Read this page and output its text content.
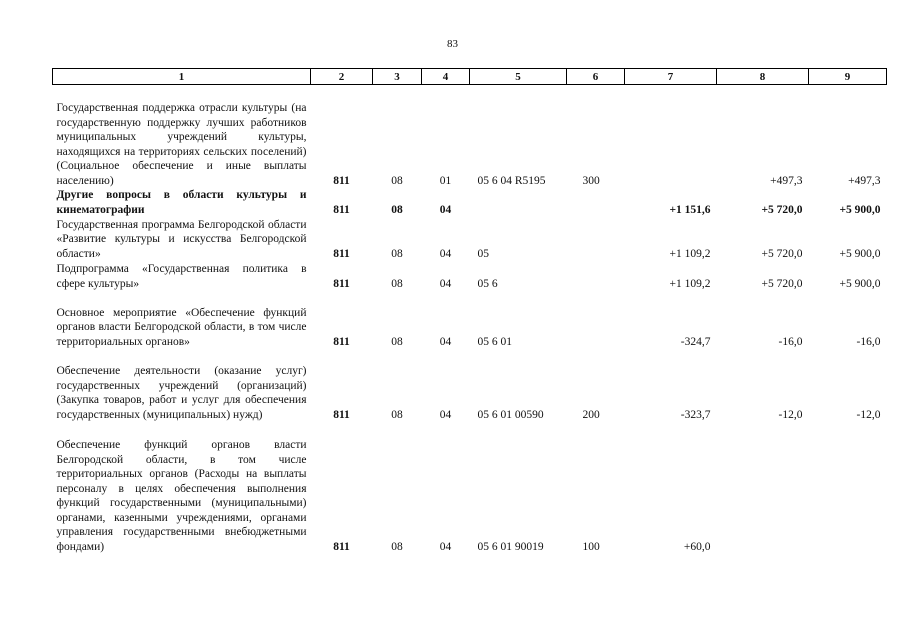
83
1	2	3	4	5	6	7	8	9
Государственная поддержка отрасли культуры (на государственную поддержку лучших работников муниципальных учреждений культуры, находящихся на территориях сельских поселений) (Социальное обеспечение и иные выплаты населению)	811	08	01	05 6 04 R5195	300		+497,3	+497,3
Другие вопросы в области культуры и кинематографии	811	08	04			+1 151,6	+5 720,0	+5 900,0
Государственная программа Белгородской области «Развитие культуры и искусства Белгородской области»	811	08	04	05		+1 109,2	+5 720,0	+5 900,0
Подпрограмма «Государственная политика в сфере культуры»	811	08	04	05 6		+1 109,2	+5 720,0	+5 900,0
Основное мероприятие «Обеспечение функций органов власти Белгородской области, в том числе территориальных органов»	811	08	04	05 6 01		-324,7	-16,0	-16,0
Обеспечение деятельности (оказание услуг) государственных учреждений (организаций) (Закупка товаров, работ и услуг для обеспечения государственных (муниципальных) нужд)	811	08	04	05 6 01 00590	200	-323,7	-12,0	-12,0
Обеспечение функций органов власти Белгородской области, в том числе территориальных органов (Расходы на выплаты персоналу в целях обеспечения выполнения функций государственными (муниципальными) органами, казенными учреждениями, органами управления государственными внебюджетными фондами)	811	08	04	05 6 01 90019	100	+60,0		
